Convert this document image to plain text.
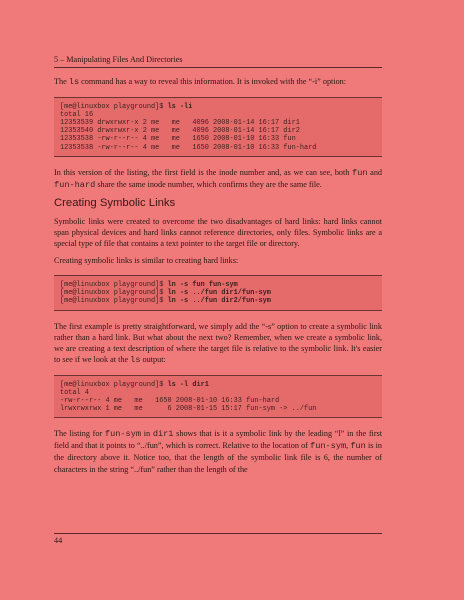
5 – Manipulating Files And Directories

The ls command has a way to reveal this information. It is invoked with the “-i” option:

[me@linuxbox playground]$ ls -li
total 16
12353539 drwxrwxr-x 2 me   me   4096 2008-01-14 16:17 dir1
12353540 drwxrwxr-x 2 me   me   4096 2008-01-14 16:17 dir2
12353538 -rw-r--r-- 4 me   me   1650 2008-01-10 16:33 fun
12353538 -rw-r--r-- 4 me   me   1650 2008-01-10 16:33 fun-hard

In this version of the listing, the first field is the inode number and, as we can see, both fun and fun-hard share the same inode number, which confirms they are the same file.

Creating Symbolic Links

Symbolic links were created to overcome the two disadvantages of hard links: hard links cannot span physical devices and hard links cannot reference directories, only files. Symbolic links are a special type of file that contains a text pointer to the target file or directory.

Creating symbolic links is similar to creating hard links:

[me@linuxbox playground]$ ln -s fun fun-sym
[me@linuxbox playground]$ ln -s ../fun dir1/fun-sym
[me@linuxbox playground]$ ln -s ../fun dir2/fun-sym

The first example is pretty straightforward, we simply add the “-s” option to create a symbolic link rather than a hard link. But what about the next two? Remember, when we create a symbolic link, we are creating a text description of where the target file is relative to the symbolic link. It's easier to see if we look at the ls output:

[me@linuxbox playground]$ ls -l dir1
total 4
-rw-r--r-- 4 me   me   1650 2008-01-10 16:33 fun-hard
lrwxrwxrwx 1 me   me      6 2008-01-15 15:17 fun-sym -> ../fun

The listing for fun-sym in dir1 shows that is it a symbolic link by the leading “l” in the first field and that it points to “../fun”, which is correct. Relative to the location of fun-sym, fun is in the directory above it. Notice too, that the length of the symbolic link file is 6, the number of characters in the string “../fun” rather than the length of the

44
